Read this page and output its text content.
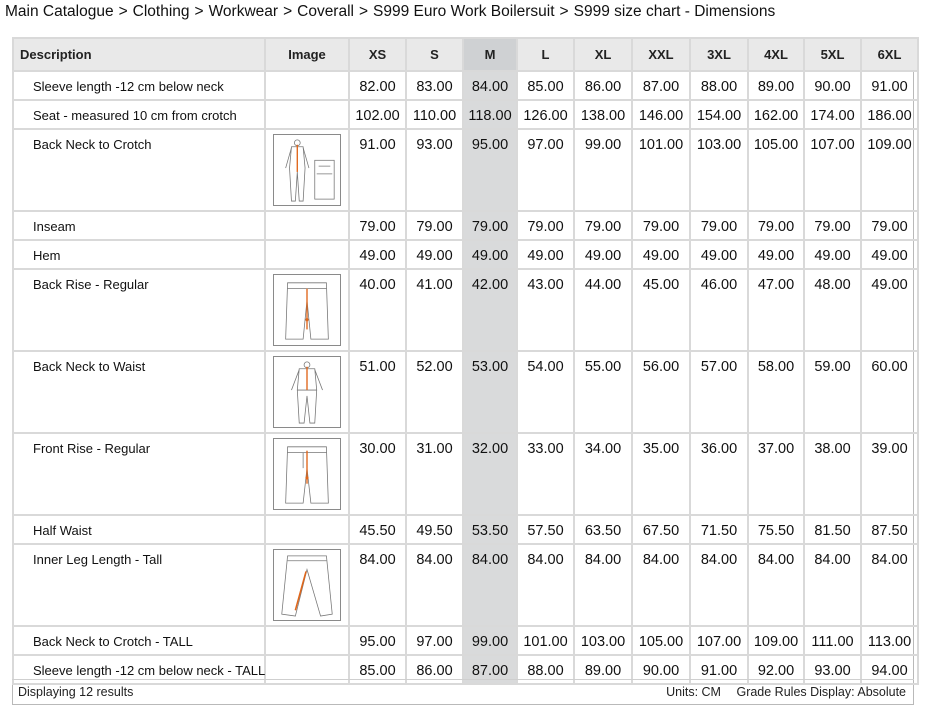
Main Catalogue > Clothing > Workwear > Coverall > S999 Euro Work Boilersuit > S999 size chart - Dimensions
Description	Image	XS	S	M	L	XL	XXL	3XL	4XL	5XL	6XL
Sleeve length -12 cm below neck		82.00	83.00	84.00	85.00	86.00	87.00	88.00	89.00	90.00	91.00
Seat - measured 10 cm from crotch		102.00	110.00	118.00	126.00	138.00	146.00	154.00	162.00	174.00	186.00
Back Neck to Crotch		91.00	93.00	95.00	97.00	99.00	101.00	103.00	105.00	107.00	109.00
Inseam		79.00	79.00	79.00	79.00	79.00	79.00	79.00	79.00	79.00	79.00
Hem		49.00	49.00	49.00	49.00	49.00	49.00	49.00	49.00	49.00	49.00
Back Rise - Regular		40.00	41.00	42.00	43.00	44.00	45.00	46.00	47.00	48.00	49.00
Back Neck to Waist		51.00	52.00	53.00	54.00	55.00	56.00	57.00	58.00	59.00	60.00
Front Rise - Regular		30.00	31.00	32.00	33.00	34.00	35.00	36.00	37.00	38.00	39.00
Half Waist		45.50	49.50	53.50	57.50	63.50	67.50	71.50	75.50	81.50	87.50
Inner Leg Length - Tall		84.00	84.00	84.00	84.00	84.00	84.00	84.00	84.00	84.00	84.00
Back Neck to Crotch - TALL		95.00	97.00	99.00	101.00	103.00	105.00	107.00	109.00	111.00	113.00
Sleeve length -12 cm below neck - TALL		85.00	86.00	87.00	88.00	89.00	90.00	91.00	92.00	93.00	94.00
Displaying 12 results	Units: CM Grade Rules Display: Absolute
